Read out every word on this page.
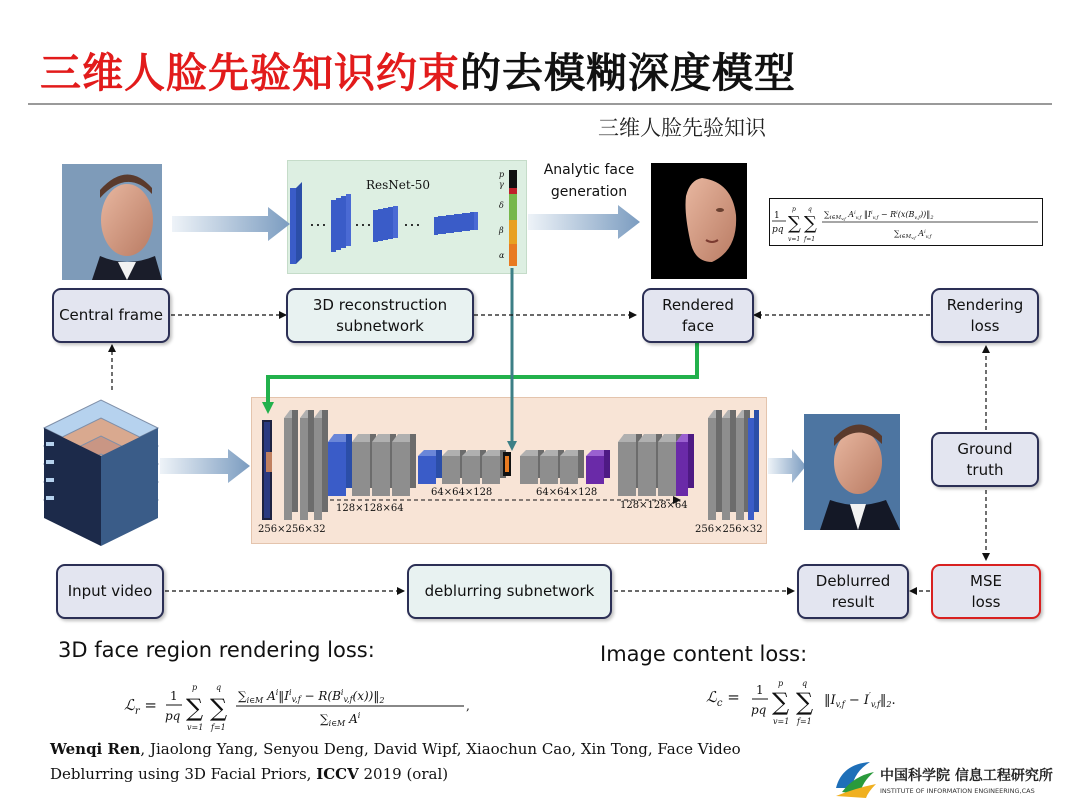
三维人脸先验知识约束的去模糊深度模型
三维人脸先验知识
··· ··· ···
ResNet-50
p
γ
δ
β
α
Analytic face
generation
1
pq ∑
p
v=1
∑
q
f=1
$\sum_{i\in M}v,f$ $A^i_{v,f}$ $‖I^i_{v,f}$ − $R^i(x(B_{v,f}))‖_2$
$\sum_{i\in M}v,f$ $A^i_{v,f}$
256×256×32
128×128×64
64×64×128	64×64×128
128×128×64
256×256×32
Central frame
3D reconstruction
subnetwork
Rendered
face
Rendering
loss
Ground
truth
Input video	deblurring subnetwork
Deblurred
result
MSE
loss
3D face region rendering loss:	Image content loss:
ℒ$_r$ = 1
pq ∑
p
v=1
∑
q
f=1
$\sum_{i\in M}$ $A^i‖I^i_{v,f}$ − $R(B^i_{v,f}(x))‖_2$
$\sum_{i\in M}$ $A^i$
,	ℒ$_c$ = 1
pq ∑
p
v=1
∑
q
f=1
$‖I_{v,f}$ − $I'_{v,f}‖_2$.
Wenqi Ren, Jiaolong Yang, Senyou Deng, David Wipf, Xiaochun Cao, Xin Tong, Face Video
Deblurring using 3D Facial Priors, ICCV 2019 (oral)	中国科学院 信息工程研究所
INSTITUTE OF INFORMATION ENGINEERING,CAS
